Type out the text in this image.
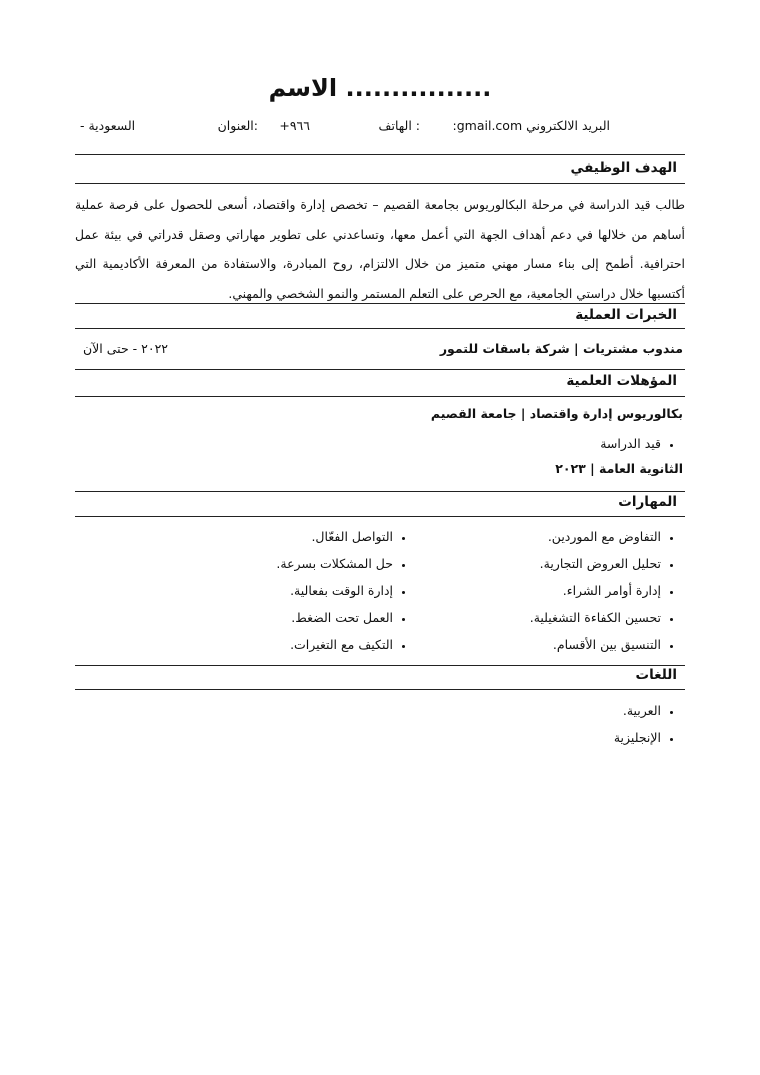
الاسم ................
البريد الالكتروني gmail.com:
الهاتف :
+٩٦٦
العنوان:
- السعودية
الهدف الوظيفي
طالب قيد الدراسة في مرحلة البكالوريوس بجامعة القصيم – تخصص إدارة واقتصاد، أسعى للحصول على فرصة عملية أساهم من خلالها في دعم أهداف الجهة التي أعمل معها، وتساعدني على تطوير مهاراتي وصقل قدراتي في بيئة عمل احترافية. أطمح إلى بناء مسار مهني متميز من خلال الالتزام، روح المبادرة، والاستفادة من المعرفة الأكاديمية التي أكتسبها خلال دراستي الجامعية، مع الحرص على التعلم المستمر والنمو الشخصي والمهني.
الخبرات العملية
مندوب مشتريات | شركة باسقات للتمور
٢٠٢٢ - حتى الآن
المؤهلات العلمية
بكالوريوس إدارة واقتصاد | جامعة القصيم
• قيد الدراسة
الثانوية العامة | ٢٠٢٣
المهارات
• التفاوض مع الموردين.
• تحليل العروض التجارية.
• إدارة أوامر الشراء.
• تحسين الكفاءة التشغيلية.
• التنسيق بين الأقسام.
• التواصل الفعّال.
• حل المشكلات بسرعة.
• إدارة الوقت بفعالية.
• العمل تحت الضغط.
• التكيف مع التغيرات.
اللغات
• العربية.
• الإنجليزية
